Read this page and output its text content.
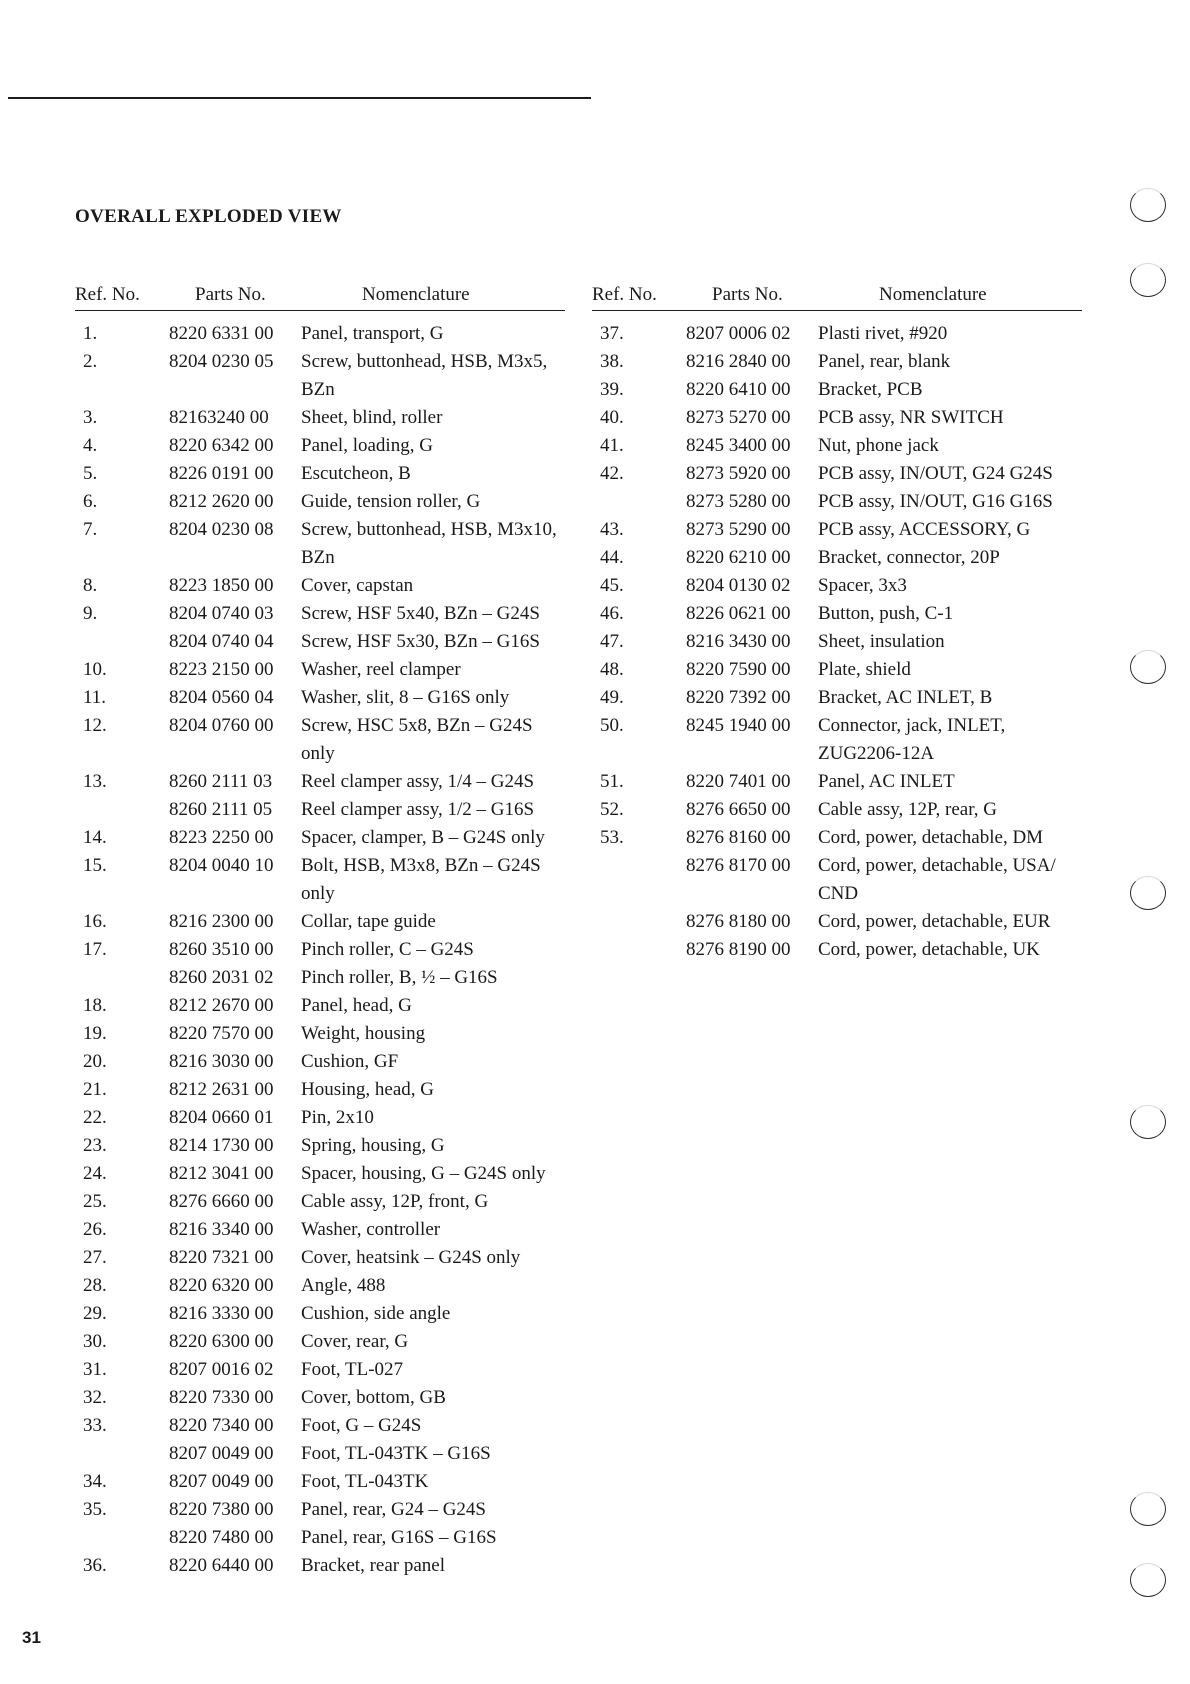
OVERALL EXPLODED VIEW
Ref. No.	Parts No.	Nomenclature
1.	8220 6331 00 Panel, transport, G
2.	8204 0230 05 Screw, buttonhead, HSB, M3x5,
BZn
3.	82163240 00 Sheet, blind, roller
4.	8220 6342 00 Panel, loading, G
5.	8226 0191 00 Escutcheon, B
6.	8212 2620 00 Guide, tension roller, G
7.	8204 0230 08 Screw, buttonhead, HSB, M3x10,
BZn
8.	8223 1850 00 Cover, capstan
9.	8204 0740 03 Screw, HSF 5x40, BZn – G24S
8204 0740 04 Screw, HSF 5x30, BZn – G16S
10.	8223 2150 00 Washer, reel clamper
11.	8204 0560 04 Washer, slit, 8 – G16S only
12.	8204 0760 00 Screw, HSC 5x8, BZn – G24S
only
13.	8260 2111 03 Reel clamper assy, 1/4 – G24S
8260 2111 05 Reel clamper assy, 1/2 – G16S
14.	8223 2250 00 Spacer, clamper, B – G24S only
15.	8204 0040 10 Bolt, HSB, M3x8, BZn – G24S
only
16.	8216 2300 00 Collar, tape guide
17.	8260 3510 00 Pinch roller, C – G24S
8260 2031 02 Pinch roller, B, ½ – G16S
18.	8212 2670 00 Panel, head, G
19.	8220 7570 00 Weight, housing
20.	8216 3030 00 Cushion, GF
21.	8212 2631 00 Housing, head, G
22.	8204 0660 01 Pin, 2x10
23.	8214 1730 00 Spring, housing, G
24.	8212 3041 00 Spacer, housing, G – G24S only
25.	8276 6660 00 Cable assy, 12P, front, G
26.	8216 3340 00 Washer, controller
27.	8220 7321 00 Cover, heatsink – G24S only
28.	8220 6320 00 Angle, 488
29.	8216 3330 00 Cushion, side angle
30.	8220 6300 00 Cover, rear, G
31.	8207 0016 02 Foot, TL-027
32.	8220 7330 00 Cover, bottom, GB
33.	8220 7340 00 Foot, G – G24S
8207 0049 00 Foot, TL-043TK – G16S
34.	8207 0049 00 Foot, TL-043TK
35.	8220 7380 00 Panel, rear, G24 – G24S
8220 7480 00 Panel, rear, G16S – G16S
36.	8220 6440 00 Bracket, rear panel
Ref. No.	Parts No.	Nomenclature
37.	8207 0006 02 Plasti rivet, #920
38.	8216 2840 00 Panel, rear, blank
39.	8220 6410 00 Bracket, PCB
40.	8273 5270 00 PCB assy, NR SWITCH
41.	8245 3400 00 Nut, phone jack
42.	8273 5920 00 PCB assy, IN/OUT, G24 G24S
8273 5280 00 PCB assy, IN/OUT, G16 G16S
43.	8273 5290 00 PCB assy, ACCESSORY, G
44.	8220 6210 00 Bracket, connector, 20P
45.	8204 0130 02 Spacer, 3x3
46.	8226 0621 00 Button, push, C-1
47.	8216 3430 00 Sheet, insulation
48.	8220 7590 00 Plate, shield
49.	8220 7392 00 Bracket, AC INLET, B
50.	8245 1940 00 Connector, jack, INLET,
ZUG2206-12A
51.	8220 7401 00 Panel, AC INLET
52.	8276 6650 00 Cable assy, 12P, rear, G
53.	8276 8160 00 Cord, power, detachable, DM
8276 8170 00 Cord, power, detachable, USA/
CND
8276 8180 00 Cord, power, detachable, EUR
8276 8190 00 Cord, power, detachable, UK
31
